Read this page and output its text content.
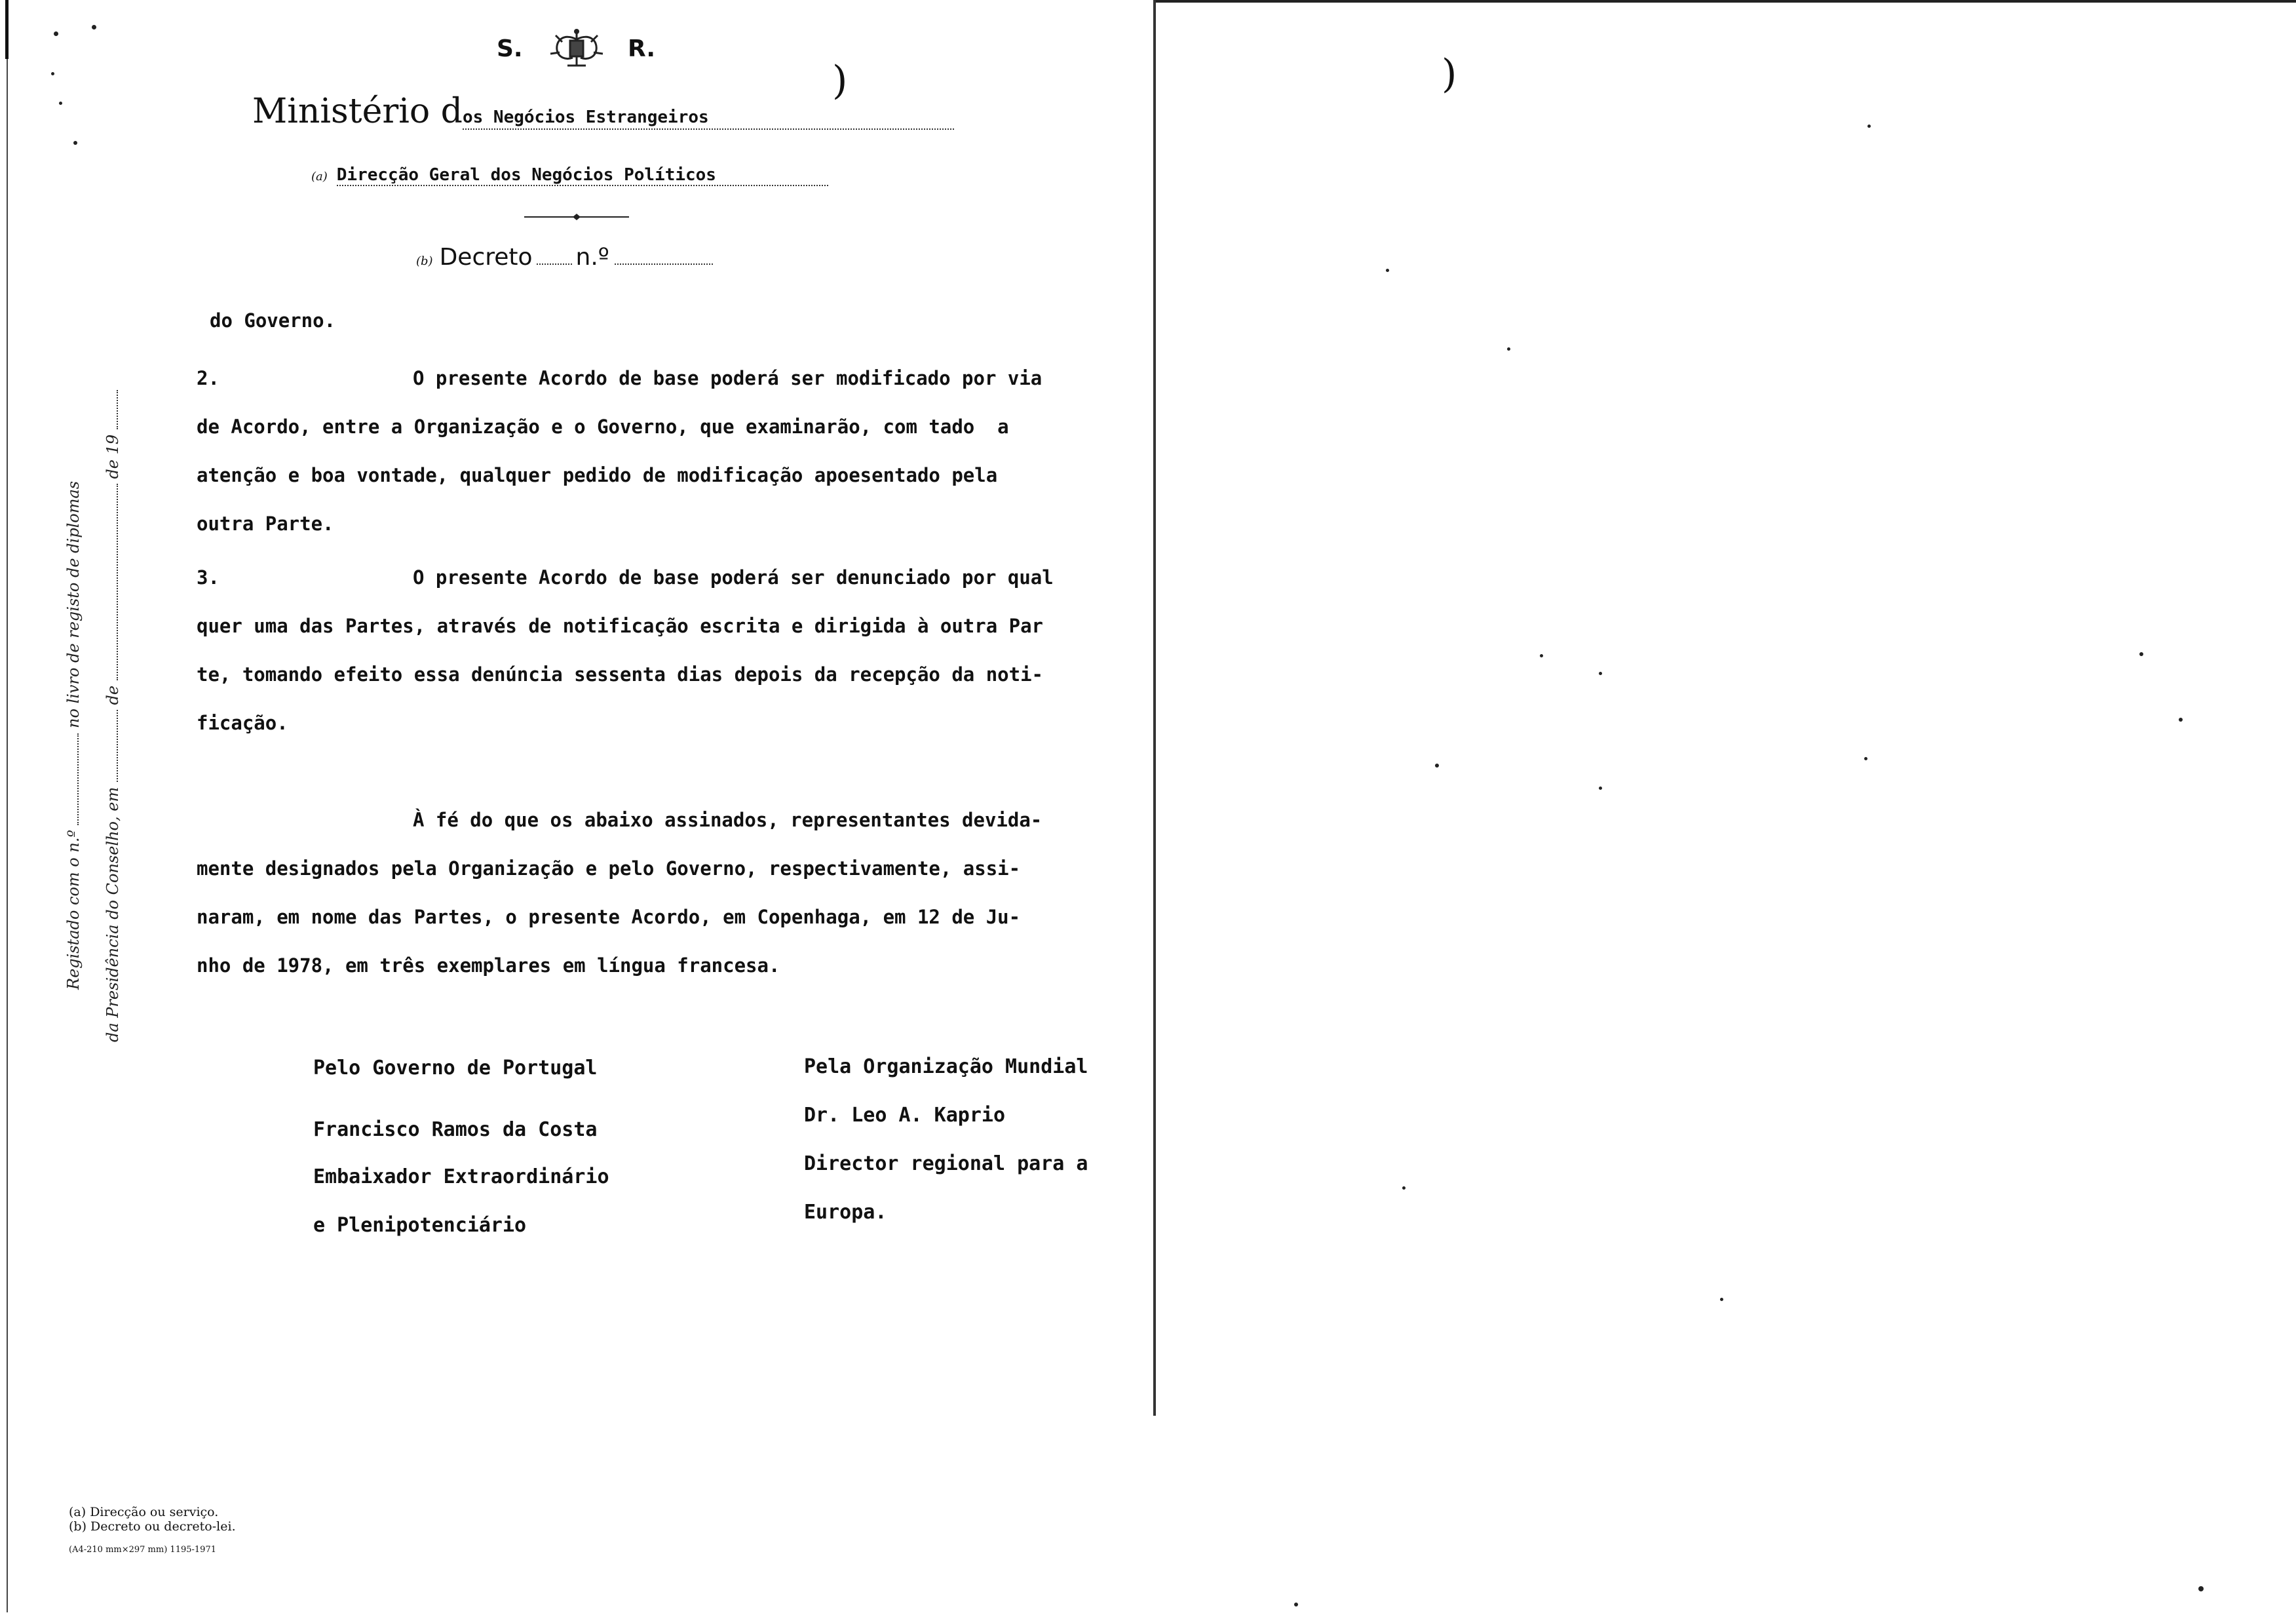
S.	R.
Ministério dos Negócios Estrangeiros
(a) Direcção Geral dos Negócios Políticos
(b) Decreto n.º
Registado com o n.º  no livro de registo de diplomas
da Presidência do Conselho, em  de  de 19

do Governo.

2.

	O presente Acordo de base poderá ser modificado por via

de Acordo, entre a Organização e o Governo, que examinarão, com tado  a

atenção e boa vontade, qualquer pedido de modificação apoesentado pela

outra Parte.

3.

	O presente Acordo de base poderá ser denunciado por qual

quer uma das Partes, através de notificação escrita e dirigida à outra Par

te, tomando efeito essa denúncia sessenta dias depois da recepção da noti-

ficação.

À fé do que os abaixo assinados, representantes devida-

mente designados pela Organização e pelo Governo, respectivamente, assi-

naram, em nome das Partes, o presente Acordo, em Copenhaga, em 12 de Ju-

nho de 1978, em três exemplares em língua francesa.

Pelo Governo de Portugal

Francisco Ramos da Costa

Embaixador Extraordinário

e Plenipotenciário

Pela Organização Mundial

Dr. Leo A. Kaprio

Director regional para a

Europa.

(a) Direcção ou serviço.
(b) Decreto ou decreto-lei.
(A4-210 mm×297 mm) 1195-1971
)	)
